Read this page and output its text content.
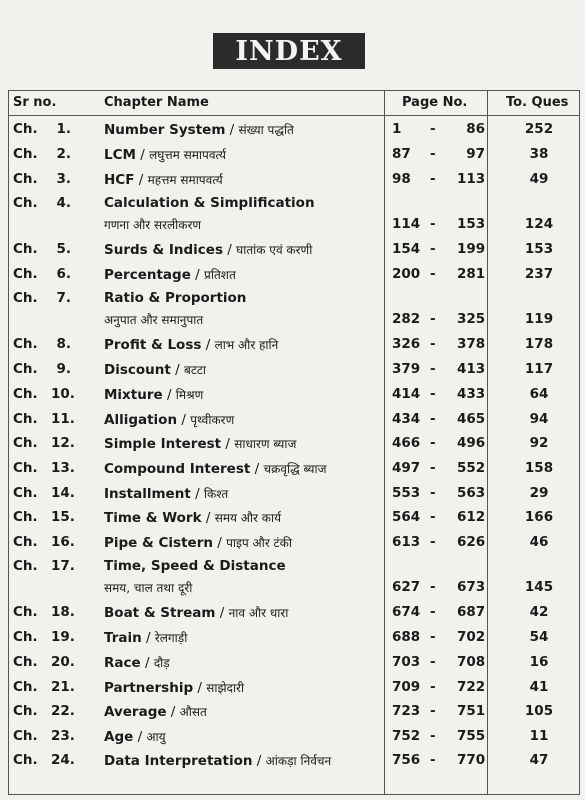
INDEX
Sr no.	Chapter Name	Page No.	To. Ques
Ch.	1. Number System / संख्या पद्धति	1	-	86	252
Ch.	2. LCM / लघुत्तम समापवर्त्य	87	-	97	38
Ch.	3. HCF / महत्तम समापवर्त्य	98	- 113	49
Ch.	4. Calculation & Simplification
गणना और सरलीकरण	114 - 153	124
Ch.	5. Surds & Indices / घातांक एवं करणी	154 - 199	153
Ch.	6. Percentage / प्रतिशत	200 - 281	237
Ch.	7. Ratio & Proportion
अनुपात और समानुपात	282 - 325	119
Ch.	8. Profit & Loss / लाभ और हानि	326 - 378	178
Ch.	9. Discount / बटटा	379 - 413	117
Ch. 10. Mixture / मिश्रण	414 - 433	64
Ch. 11. Alligation / पृथ्वीकरण	434 - 465	94
Ch. 12. Simple Interest / साधारण ब्याज	466 - 496	92
Ch. 13. Compound Interest / चक्रवृद्धि ब्याज	497 - 552	158
Ch. 14. Installment / किश्त	553 - 563	29
Ch. 15. Time & Work / समय और कार्य	564 - 612	166
Ch. 16. Pipe & Cistern / पाइप और टंकी	613 - 626	46
Ch. 17. Time, Speed & Distance
समय, चाल तथा दूरी	627 - 673	145
Ch. 18. Boat & Stream / नाव और धारा	674 - 687	42
Ch. 19. Train / रेलगाड़ी	688 - 702	54
Ch. 20. Race / दौड़	703 - 708	16
Ch. 21. Partnership / साझेदारी	709 - 722	41
Ch. 22. Average / औसत	723 - 751	105
Ch. 23. Age / आयु	752 - 755	11
Ch. 24. Data Interpretation / आंकड़ा निर्वचन	756 - 770	47
